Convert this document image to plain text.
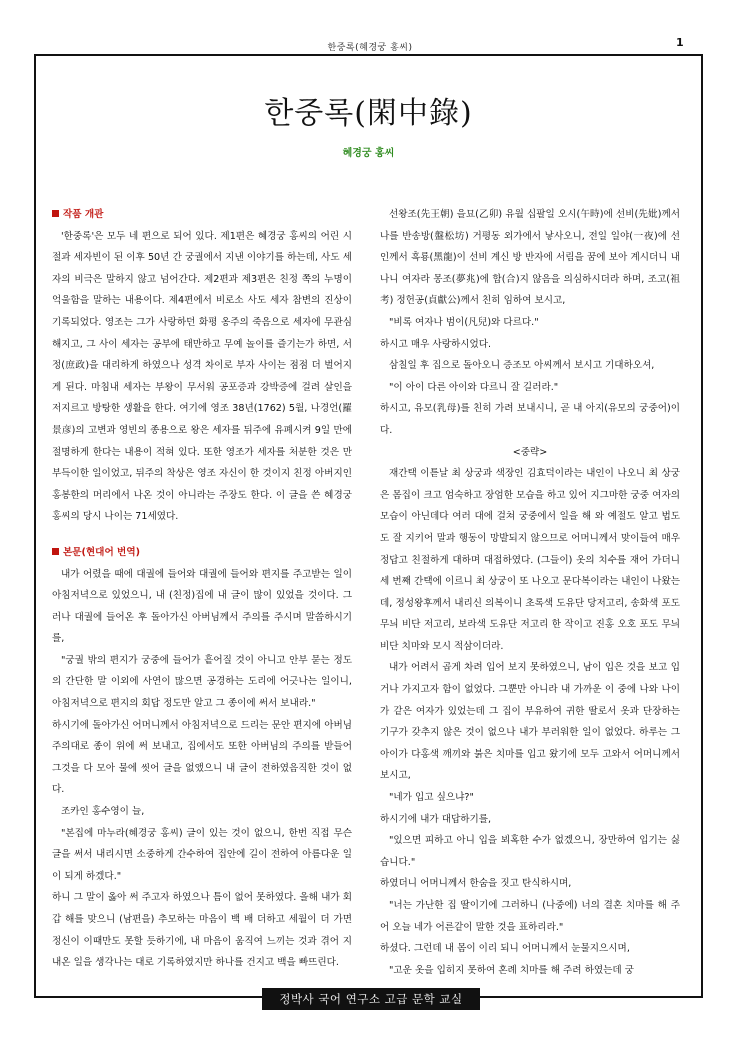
한중록(혜경궁 홍씨)	1
한중록(閑中錄)
혜경궁 홍씨

작품 개관

'한중록'은 모두 네 편으로 되어 있다. 제1편은 혜경궁 홍씨의 어린 시절과 세자빈이 된 이후 50년 간 궁궐에서 지낸 이야기를 하는데, 사도 세자의 비극은 말하지 않고 넘어간다. 제2편과 제3편은 친정 쪽의 누명이 억울함을 말하는 내용이다. 제4편에서 비로소 사도 세자 참변의 진상이 기록되었다. 영조는 그가 사랑하던 화평 옹주의 죽음으로 세자에 무관심해지고, 그 사이 세자는 공부에 태만하고 무예 놀이를 즐기는가 하면, 서정(庶政)을 대리하게 하였으나 성격 차이로 부자 사이는 점점 더 벌어지게 된다. 마침내 세자는 부왕이 무서워 공포증과 강박증에 걸려 살인을 저지르고 방탕한 생활을 한다. 여기에 영조 38년(1762) 5월, 나경언(羅景彦)의 고변과 영빈의 종용으로 왕은 세자를 뒤주에 유폐시켜 9일 만에 절명하게 한다는 내용이 적혀 있다. 또한 영조가 세자를 처분한 것은 만부득이한 일이었고, 뒤주의 착상은 영조 자신이 한 것이지 친정 아버지인 홍봉한의 머리에서 나온 것이 아니라는 주장도 한다. 이 글을 쓴 혜경궁 홍씨의 당시 나이는 71세였다.

본문(현대어 번역)

내가 어렸을 때에 대궐에 들어와 대궐에 들어와 편지를 주고받는 일이 아침저녁으로 있었으니, 내 (친정)집에 내 글이 많이 있었을 것이다. 그러나 대궐에 들어온 후 돌아가신 아버님께서 주의를 주시며 말씀하시기를,

"궁궐 밖의 편지가 궁중에 들어가 흩어질 것이 아니고 안부 묻는 정도의 간단한 말 이외에 사연이 많으면 공경하는 도리에 어긋나는 일이니, 아침저녁으로 편지의 회답 정도만 알고 그 종이에 써서 보내라."

하시기에 돌아가신 어머니께서 아침저녁으로 드리는 문안 편지에 아버님 주의대로 종이 위에 써 보내고, 집에서도 또한 아버님의 주의를 받들어 그것을 다 모아 물에 씻어 글을 없앴으니 내 글이 전하였음직한 것이 없다.

조카인 홍수영이 늘,

"본집에 마누라(혜경궁 홍씨) 글이 있는 것이 없으니, 한번 직접 무슨 글을 써서 내리시면 소중하게 간수하여 집안에 길이 전하여 아름다운 일이 되게 하겠다."

하니 그 말이 옳아 써 주고자 하였으나 틈이 없어 못하였다. 올해 내가 회갑 해를 맞으니 (남편을) 추모하는 마음이 백 배 더하고 세월이 더 가면 정신이 이때만도 못할 듯하기에, 내 마음이 움직여 느끼는 것과 겪어 지내온 일을 생각나는 대로 기록하였지만 하나를 건지고 백을 빠뜨린다.

선왕조(先王朝) 을묘(乙卯) 유월 십팔일 오시(午時)에 선비(先妣)께서 나를 반송방(盤松坊) 거평동 외가에서 낳사오니, 전일 일야(一夜)에 선인께서 흑룡(黑龍)이 선비 계신 방 반자에 서림을 꿈에 보아 계시더니 내 나니 여자라 몽조(夢兆)에 합(合)지 않음을 의심하시더라 하며, 조고(祖考) 정헌공(貞獻公)께서 친히 임하여 보시고,

"비록 여자나 범이(凡兒)와 다르다."

하시고 매우 사랑하시었다.

삼칠일 후 집으로 돌아오니 증조모 아씨께서 보시고 기대하오셔,

"이 아이 다른 아이와 다르니 잘 길러라."

하시고, 유모(乳母)를 친히 가려 보내시니, 곧 내 아지(유모의 궁중어)이다.

<중략>

재간택 이튿날 최 상궁과 색장인 김효덕이라는 내인이 나오니 최 상궁은 몸집이 크고 엄숙하고 장엄한 모습을 하고 있어 지그마한 궁중 여자의 모습이 아닌데다 여러 대에 걸쳐 궁중에서 일을 해 와 예절도 알고 법도도 잘 지키어 말과 행동이 망발되지 않으므로 어머니께서 맞이들여 매우 정답고 친절하게 대하며 대접하였다. (그들이) 옷의 치수를 재어 가더니 세 번째 간택에 이르니 최 상궁이 또 나오고 문다복이라는 내인이 나왔는데, 정성왕후께서 내리신 의복이니 초록색 도유단 당저고리, 송화색 포도 무늬 비단 저고리, 보라색 도유단 저고리 한 작이고 진홍 오호 포도 무늬 비단 치마와 모시 적삼이더라.

내가 어려서 곱게 차려 입어 보지 못하였으니, 남이 입은 것을 보고 입거나 가지고자 함이 없었다. 그뿐만 아니라 내 가까운 이 중에 나와 나이가 같은 여자가 있었는데 그 집이 부유하여 귀한 딸로서 옷과 단장하는 기구가 갖추지 않은 것이 없으나 내가 부러워한 일이 없었다. 하루는 그 아이가 다홍색 깨끼와 붉은 치마를 입고 왔기에 모두 고와서 어머니께서 보시고,

"네가 입고 싶으냐?"

하시기에 내가 대답하기를,

"있으면 피하고 아니 입을 뵈혹한 수가 없겠으니, 장만하여 입기는 싫습니다."

하였더니 어머니께서 한숨을 짓고 탄식하시며,

"너는 가난한 집 딸이기에 그러하니 (나중에) 너의 결혼 치마를 해 주어 오늘 네가 어른같이 말한 것을 표하리라."

하셨다. 그런데 내 몸이 이리 되니 어머니께서 눈물지으시며,

"고운 옷을 입히지 못하여 혼례 치마를 해 주려 하였는데 궁

정박사 국어 연구소 고급 문학 교실
